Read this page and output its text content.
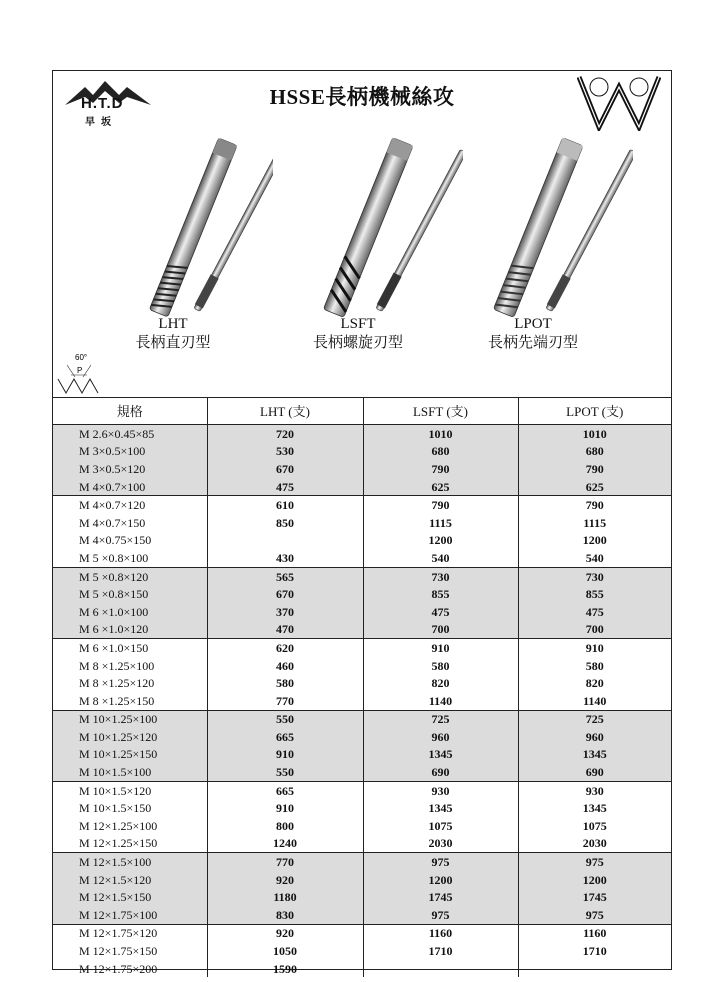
H.T.D
早坂
HSSE長柄機械絲攻
LHT
長柄直刃型
LSFT
長柄螺旋刃型
LPOT
長柄先端刃型
60°
P
規格	LHT (支)	LSFT (支)	LPOT (支)
M 2.6×0.45×85	720	1010	1010
M 3×0.5×100	530	680	680
M 3×0.5×120	670	790	790
M 4×0.7×100	475	625	625
M 4×0.7×120	610	790	790
M 4×0.7×150	850	1115	1115
M 4×0.75×150		1200	1200
M 5 ×0.8×100	430	540	540
M 5 ×0.8×120	565	730	730
M 5 ×0.8×150	670	855	855
M 6 ×1.0×100	370	475	475
M 6 ×1.0×120	470	700	700
M 6 ×1.0×150	620	910	910
M 8 ×1.25×100	460	580	580
M 8 ×1.25×120	580	820	820
M 8 ×1.25×150	770	1140	1140
M 10×1.25×100	550	725	725
M 10×1.25×120	665	960	960
M 10×1.25×150	910	1345	1345
M 10×1.5×100	550	690	690
M 10×1.5×120	665	930	930
M 10×1.5×150	910	1345	1345
M 12×1.25×100	800	1075	1075
M 12×1.25×150	1240	2030	2030
M 12×1.5×100	770	975	975
M 12×1.5×120	920	1200	1200
M 12×1.5×150	1180	1745	1745
M 12×1.75×100	830	975	975
M 12×1.75×120	920	1160	1160
M 12×1.75×150	1050	1710	1710
M 12×1.75×200	1590		
